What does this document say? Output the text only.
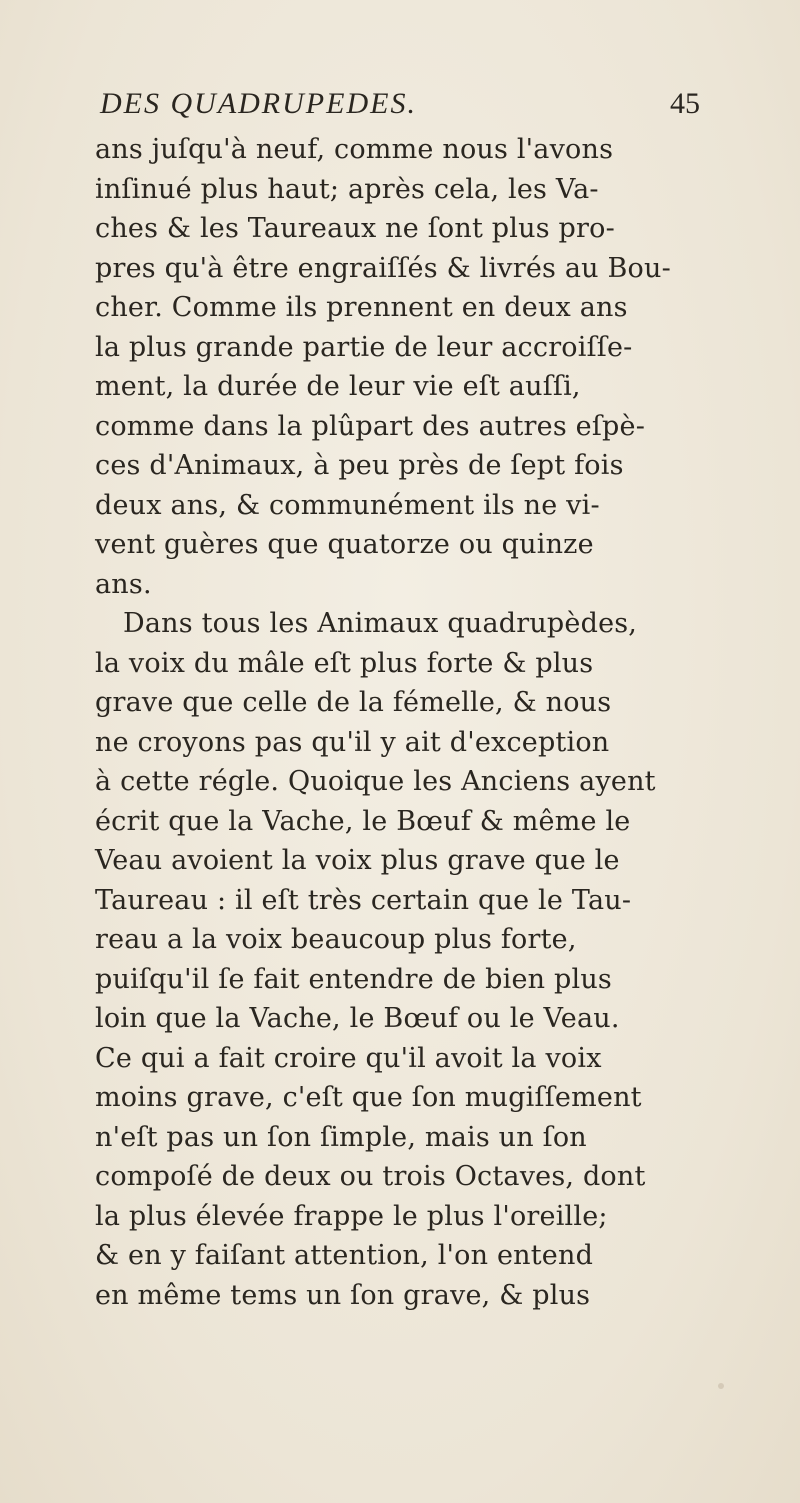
DES QUADRUPEDES.	45
ans juſqu'à neuf, comme nous l'avons
inſinué plus haut; après cela, les Va-
ches & les Taureaux ne ſont plus pro-
pres qu'à être engraiſſés & livrés au Bou-
cher. Comme ils prennent en deux ans
la plus grande partie de leur accroiſſe-
ment, la durée de leur vie eſt auſſi,
comme dans la plûpart des autres eſpè-
ces d'Animaux, à peu près de ſept fois
deux ans, & communément ils ne vi-
vent guères que quatorze ou quinze
ans.
Dans tous les Animaux quadrupèdes,
la voix du mâle eſt plus forte & plus
grave que celle de la fémelle, & nous
ne croyons pas qu'il y ait d'exception
à cette régle. Quoique les Anciens ayent
écrit que la Vache, le Bœuf & même le
Veau avoient la voix plus grave que le
Taureau : il eſt très certain que le Tau-
reau a la voix beaucoup plus forte,
puiſqu'il ſe fait entendre de bien plus
loin que la Vache, le Bœuf ou le Veau.
Ce qui a fait croire qu'il avoit la voix
moins grave, c'eſt que ſon mugiſſement
n'eſt pas un ſon ſimple, mais un ſon
compoſé de deux ou trois Octaves, dont
la plus élevée frappe le plus l'oreille;
& en y faiſant attention, l'on entend
en même tems un ſon grave, & plus
